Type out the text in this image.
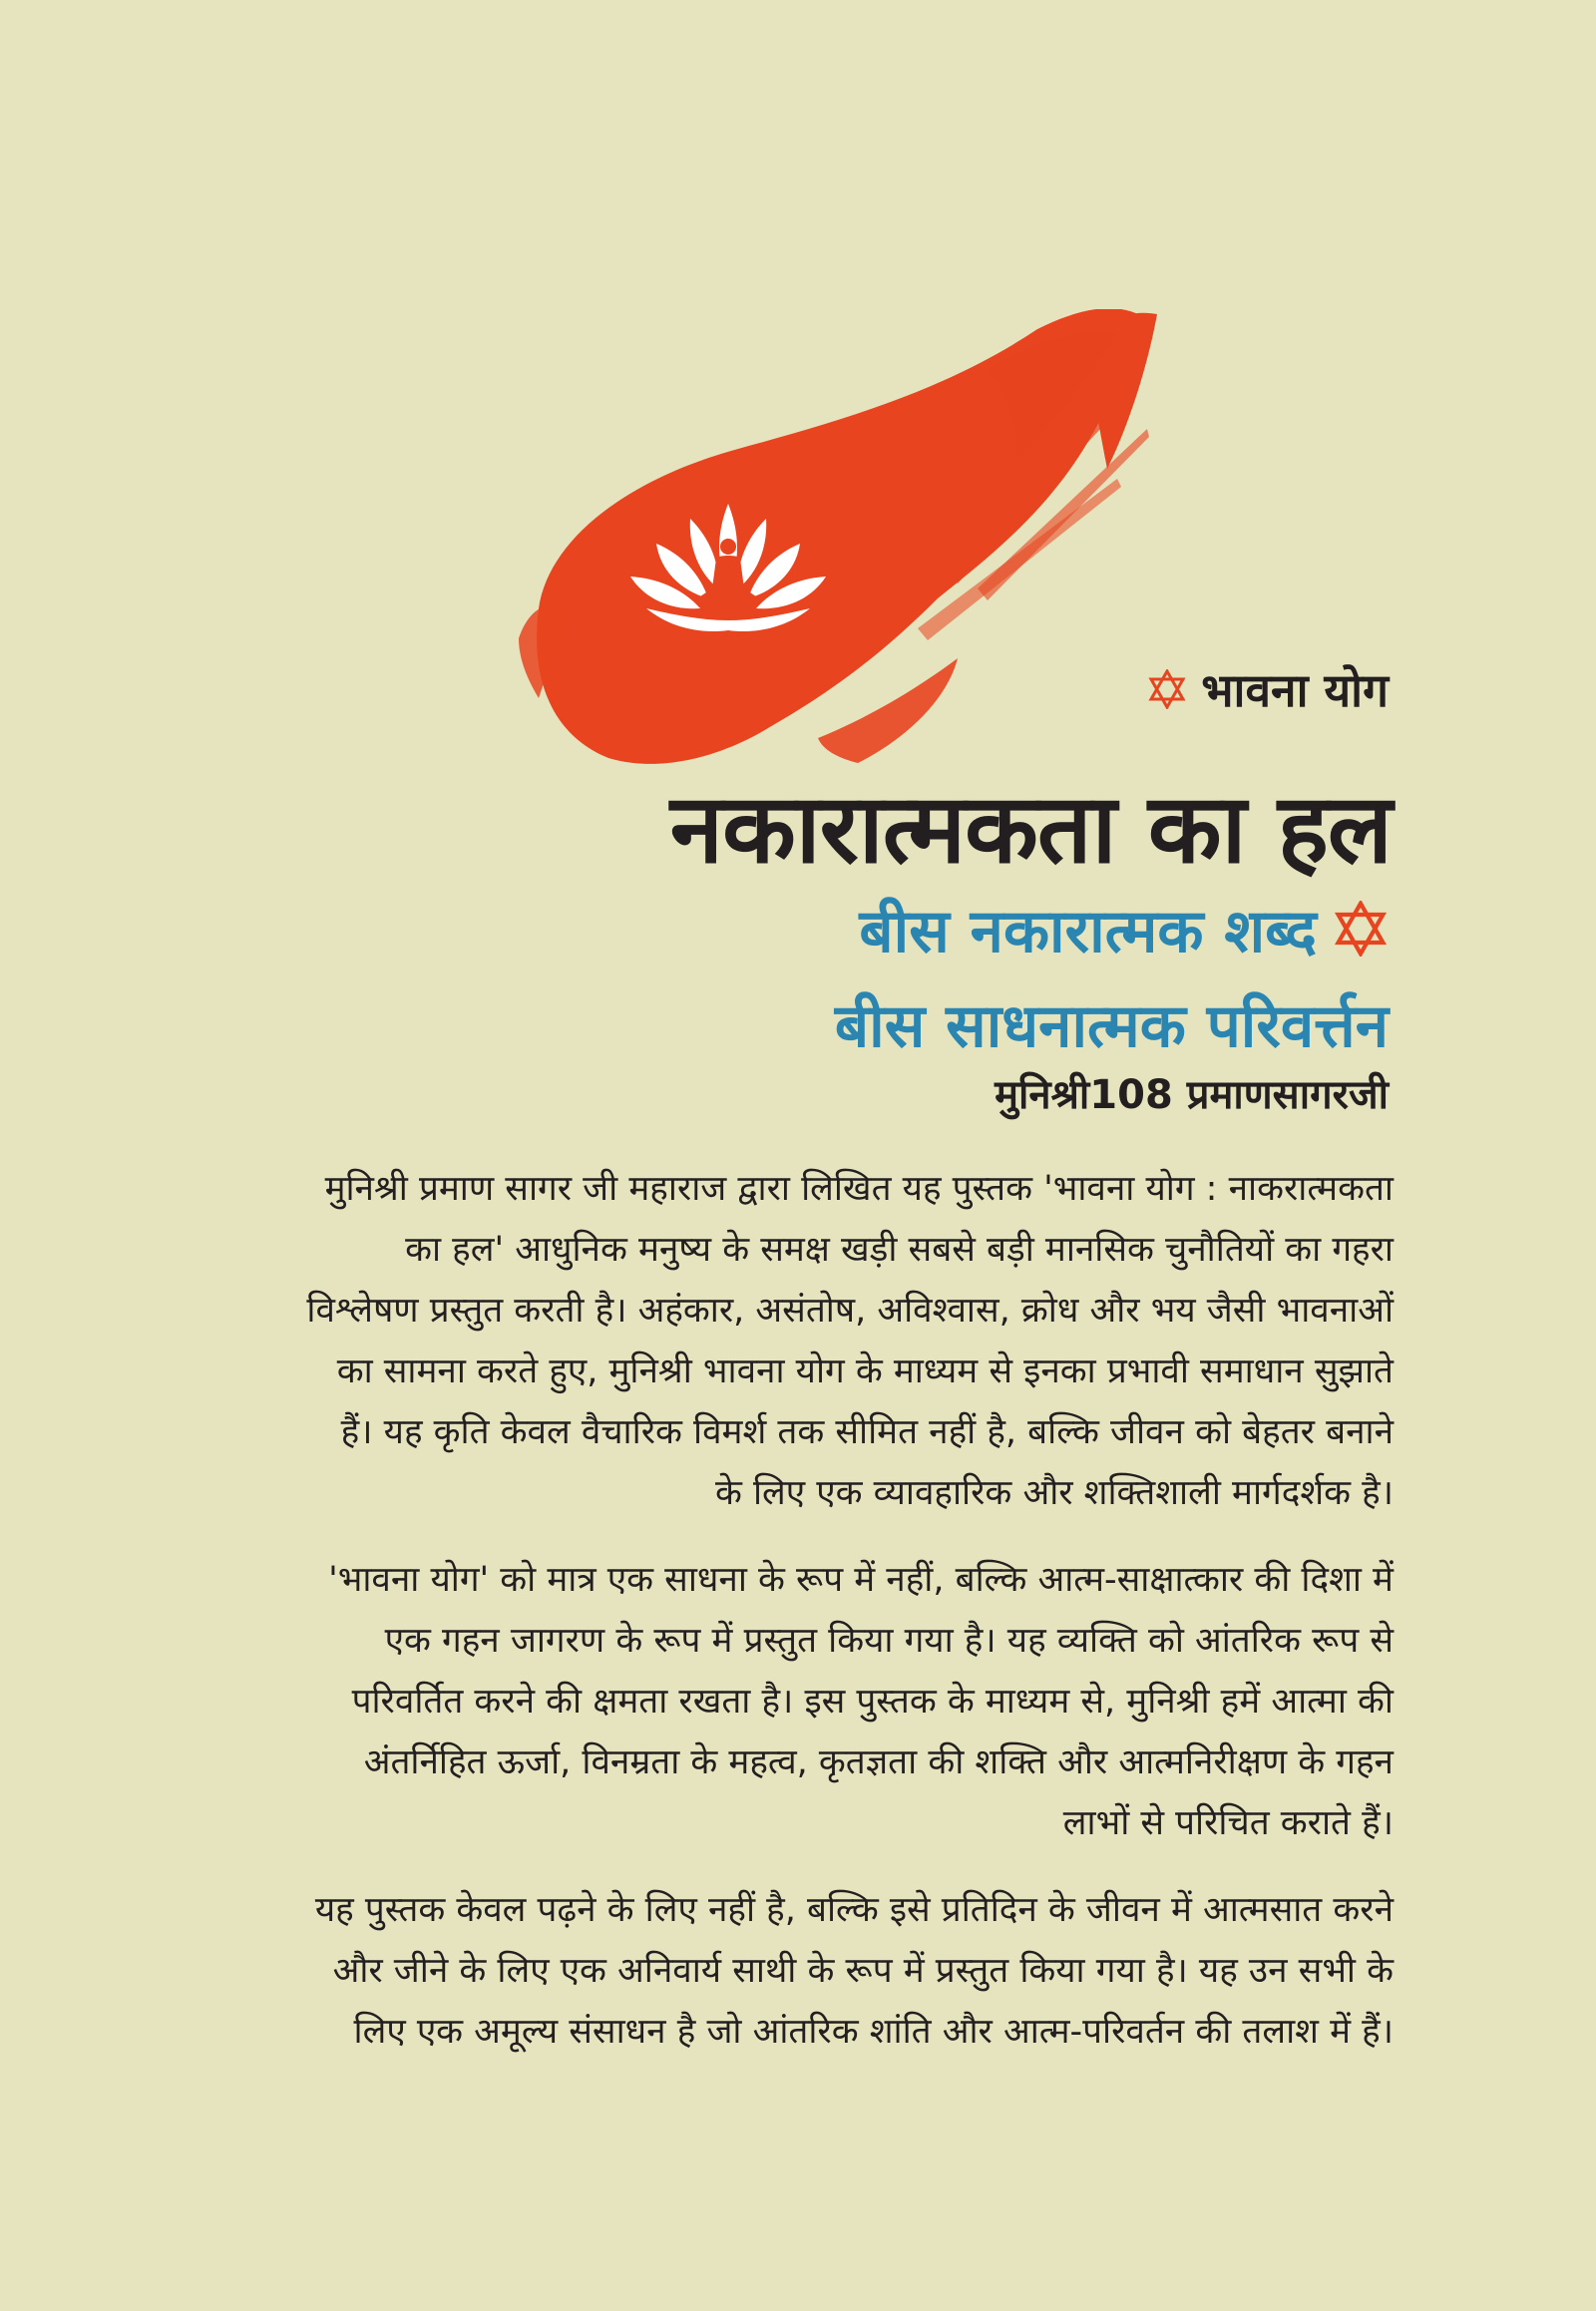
भावना योग
नकारात्मकता का हल
बीस नकारात्मक शब्द
बीस साधनात्मक परिवर्त्तन
मुनिश्री108 प्रमाणसागरजी

मुनिश्री प्रमाण सागर जी महाराज द्वारा लिखित यह पुस्तक 'भावना योग : नाकरात्मकता
का हल' आधुनिक मनुष्य के समक्ष खड़ी सबसे बड़ी मानसिक चुनौतियों का गहरा
विश्लेषण प्रस्तुत करती है। अहंकार, असंतोष, अविश्वास, क्रोध और भय जैसी भावनाओं
का सामना करते हुए, मुनिश्री भावना योग के माध्यम से इनका प्रभावी समाधान सुझाते
हैं। यह कृति केवल वैचारिक विमर्श तक सीमित नहीं है, बल्कि जीवन को बेहतर बनाने
के लिए एक व्यावहारिक और शक्तिशाली मार्गदर्शक है।

'भावना योग' को मात्र एक साधना के रूप में नहीं, बल्कि आत्म-साक्षात्कार की दिशा में
एक गहन जागरण के रूप में प्रस्तुत किया गया है। यह व्यक्ति को आंतरिक रूप से
परिवर्तित करने की क्षमता रखता है। इस पुस्तक के माध्यम से, मुनिश्री हमें आत्मा की
अंतर्निहित ऊर्जा, विनम्रता के महत्व, कृतज्ञता की शक्ति और आत्मनिरीक्षण के गहन
लाभों से परिचित कराते हैं।

यह पुस्तक केवल पढ़ने के लिए नहीं है, बल्कि इसे प्रतिदिन के जीवन में आत्मसात करने
और जीने के लिए एक अनिवार्य साथी के रूप में प्रस्तुत किया गया है। यह उन सभी के
लिए एक अमूल्य संसाधन है जो आंतरिक शांति और आत्म-परिवर्तन की तलाश में हैं।
